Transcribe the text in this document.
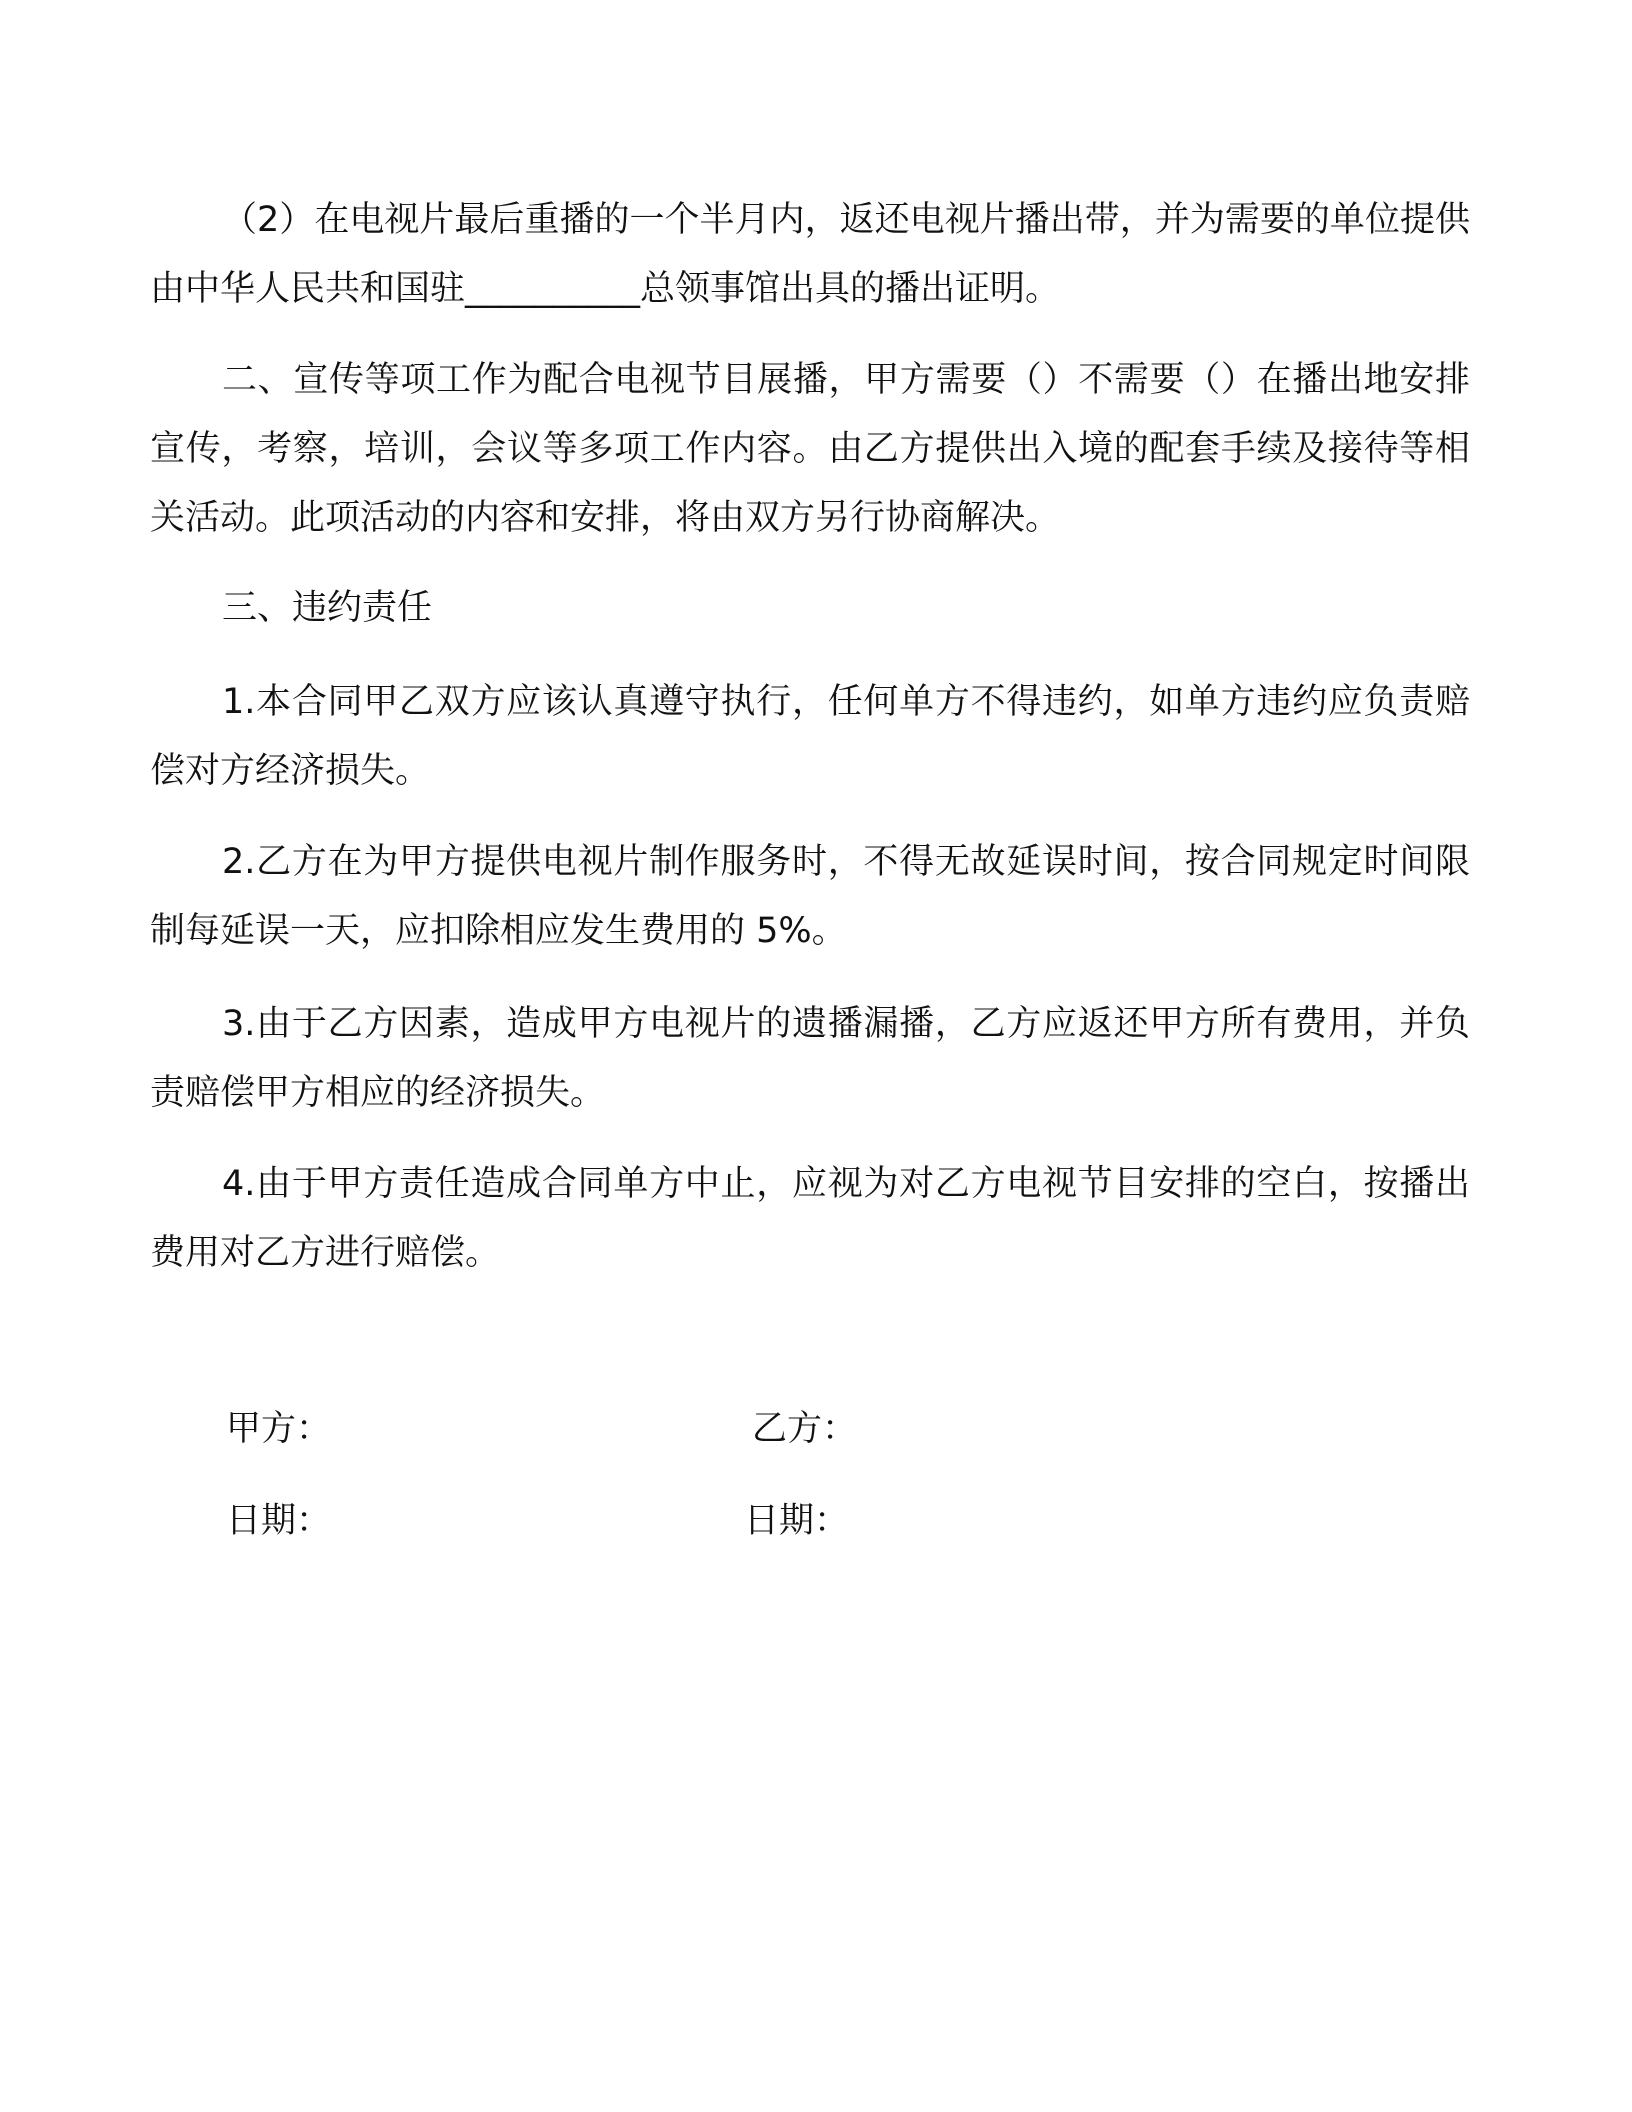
（2）在电视片最后重播的一个半月内，返还电视片播出带，并为需要的单位提供由中华人民共和国驻__________总领事馆出具的播出证明。

二、宣传等项工作为配合电视节目展播，甲方需要（）不需要（）在播出地安排宣传，考察，培训，会议等多项工作内容。由乙方提供出入境的配套手续及接待等相关活动。此项活动的内容和安排，将由双方另行协商解决。

三、违约责任

1.本合同甲乙双方应该认真遵守执行，任何单方不得违约，如单方违约应负责赔偿对方经济损失。

2.乙方在为甲方提供电视片制作服务时，不得无故延误时间，按合同规定时间限制每延误一天，应扣除相应发生费用的 5%。

3.由于乙方因素，造成甲方电视片的遗播漏播，乙方应返还甲方所有费用，并负责赔偿甲方相应的经济损失。

4.由于甲方责任造成合同单方中止，应视为对乙方电视节目安排的空白，按播出费用对乙方进行赔偿。

甲方：	乙方：

日期：	日期：
